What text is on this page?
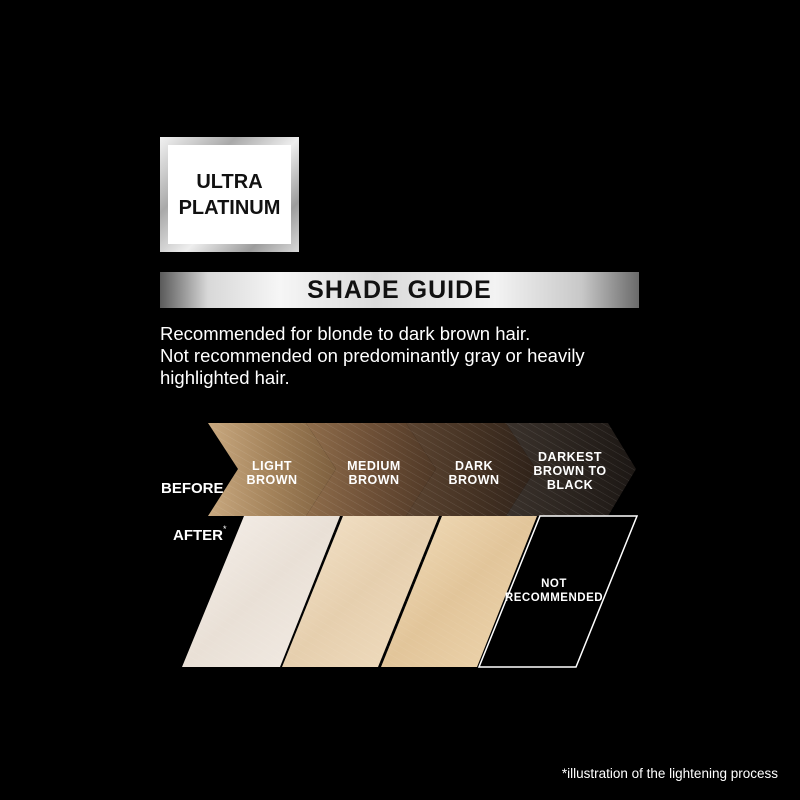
ULTRA
PLATINUM
SHADE GUIDE

Recommended for blonde to dark brown hair.

Not recommended on predominantly gray or heavily highlighted hair.

BEFORE
AFTER*
LIGHT
BROWN
MEDIUM
BROWN
DARK
BROWN
DARKEST
BROWN TO
BLACK
NOT
RECOMMENDED
*illustration of the lightening process
